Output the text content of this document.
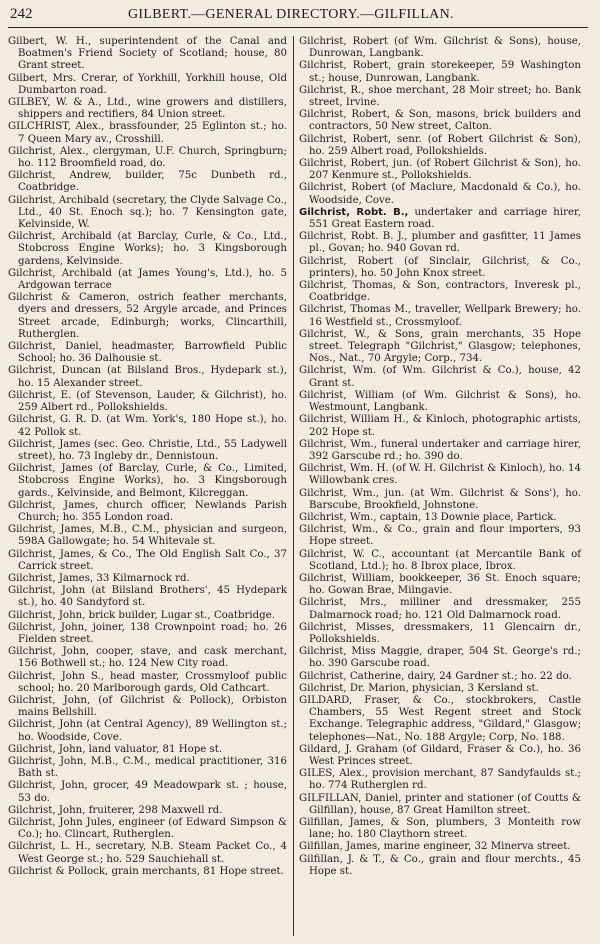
242	GILBERT.—GENERAL DIRECTORY.—GILFILLAN.

Gilbert, W. H., superintendent of the Canal and Boatmen's Friend Society of Scotland; house, 80 Grant street.

Gilbert, Mrs. Crerar, of Yorkhill, Yorkhill house, Old Dumbarton road.

GILBEY, W. & A., Ltd., wine growers and distillers, shippers and rectifiers, 84 Union street.

GILCHRIST, Alex., brassfounder, 25 Eglinton st.; ho. 7 Queen Mary av., Crosshill.

Gilchrist, Alex., clergyman, U.F. Church, Springburn; ho. 112 Broomfield road, do.

Gilchrist, Andrew, builder, 75c Dunbeth rd., Coatbridge.

Gilchrist, Archibald (secretary, the Clyde Salvage Co., Ltd., 40 St. Enoch sq.); ho. 7 Kensington gate, Kelvinside, W.

Gilchrist, Archibald (at Barclay, Curle, & Co., Ltd., Stobcross Engine Works); ho. 3 Kingsborough gardens, Kelvinside.

Gilchrist, Archibald (at James Young's, Ltd.), ho. 5 Ardgowan terrace

Gilchrist & Cameron, ostrich feather merchants, dyers and dressers, 52 Argyle arcade, and Princes Street arcade, Edinburgh; works, Clincarthill, Rutherglen.

Gilchrist, Daniel, headmaster, Barrowfield Public School; ho. 36 Dalhousie st.

Gilchrist, Duncan (at Bilsland Bros., Hydepark st.), ho. 15 Alexander street.

Gilchrist, E. (of Stevenson, Lauder, & Gilchrist), ho. 259 Albert rd., Pollokshields.

Gilchrist, G. R. D. (at Wm. York's, 180 Hope st.), ho. 42 Pollok st.

Gilchrist, James (sec. Geo. Christie, Ltd., 55 Ladywell street), ho. 73 Ingleby dr., Dennistoun.

Gilchrist, James (of Barclay, Curle, & Co., Limited, Stobcross Engine Works), ho. 3 Kingsborough gards., Kelvinside, and Belmont, Kilcreggan.

Gilchrist, James, church officer, Newlands Parish Church; ho. 355 London road.

Gilchrist, James, M.B., C.M., physician and surgeon, 598A Gallowgate; ho. 54 Whitevale st.

Gilchrist, James, & Co., The Old English Salt Co., 37 Carrick street.

Gilchrist, James, 33 Kilmarnock rd.

Gilchrist, John (at Bilsland Brothers', 45 Hydepark st.), ho. 40 Sandyford st.

Gilchrist, John, brick builder, Lugar st., Coatbridge.

Gilchrist, John, joiner, 138 Crownpoint road; ho. 26 Fielden street.

Gilchrist, John, cooper, stave, and cask merchant, 156 Bothwell st.; ho. 124 New City road.

Gilchrist, John S., head master, Crossmyloof public school; ho. 20 Marlborough gards, Old Cathcart.

Gilchrist, John, (of Gilchrist & Pollock), Orbiston mains Bellshill.

Gilchrist, John (at Central Agency), 89 Wellington st.; ho. Woodside, Cove.

Gilchrist, John, land valuator, 81 Hope st.

Gilchrist, John, M.B., C.M., medical practitioner, 316 Bath st.

Gilchrist, John, grocer, 49 Meadowpark st. ; house, 53 do.

Gilchrist, John, fruiterer, 298 Maxwell rd.

Gilchrist, John Jules, engineer (of Edward Simpson & Co.); ho. Clincart, Rutherglen.

Gilchrist, L. H., secretary, N.B. Steam Packet Co., 4 West George st.; ho. 529 Sauchiehall st.

Gilchrist & Pollock, grain merchants, 81 Hope street.

Gilchrist, Robert (of Wm. Gilchrist & Sons), house, Dunrowan, Langbank.

Gilchrist, Robert, grain storekeeper, 59 Washington st.; house, Dunrowan, Langbank.

Gilchrist, R., shoe merchant, 28 Moir street; ho. Bank street, Irvine.

Gilchrist, Robert, & Son, masons, brick builders and contractors, 50 New street, Calton.

Gilchrist, Robert, senr. (of Robert Gilchrist & Son), ho. 259 Albert road, Pollokshields.

Gilchrist, Robert, jun. (of Robert Gilchrist & Son), ho. 207 Kenmure st., Pollokshields.

Gilchrist, Robert (of Maclure, Macdonald & Co.), ho. Woodside, Cove.

Gilchrist, Robt. B., undertaker and carriage hirer, 551 Great Eastern road.

Gilchrist, Robt. B. J., plumber and gasfitter, 11 James pl., Govan; ho. 940 Govan rd.

Gilchrist, Robert (of Sinclair, Gilchrist, & Co., printers), ho. 50 John Knox street.

Gilchrist, Thomas, & Son, contractors, Inveresk pl., Coatbridge.

Gilchrist, Thomas M., traveller, Wellpark Brewery; ho. 16 Westfield st., Crossmyloof.

Gilchrist, W., & Sons, grain merchants, 35 Hope street. Telegraph "Gilchrist," Glasgow; telephones, Nos., Nat., 70 Argyle; Corp., 734.

Gilchrist, Wm. (of Wm. Gilchrist & Co.), house, 42 Grant st.

Gilchrist, William (of Wm. Gilchrist & Sons), ho. Westmount, Langbank.

Gilchrist, William H., & Kinloch, photographic artists, 202 Hope st.

Gilchrist, Wm., funeral undertaker and carriage hirer, 392 Garscube rd.; ho. 390 do.

Gilchrist, Wm. H. (of W. H. Gilchrist & Kinloch), ho. 14 Willowbank cres.

Gilchrist, Wm., jun. (at Wm. Gilchrist & Sons'), ho. Barscube, Brookfield, Johnstone.

Gilchrist, Wm., captain, 13 Downie place, Partick.

Gilchrist, Wm., & Co., grain and flour importers, 93 Hope street.

Gilchrist, W. C., accountant (at Mercantile Bank of Scotland, Ltd.); ho. 8 Ibrox place, Ibrox.

Gilchrist, William, bookkeeper, 36 St. Enoch square; ho. Gowan Brae, Milngavie.

Gilchrist, Mrs., milliner and dressmaker, 255 Dalmarnock road; ho. 121 Old Dalmarnock road.

Gilchrist, Misses, dressmakers, 11 Glencairn dr., Pollokshields.

Gilchrist, Miss Maggie, draper, 504 St. George's rd.; ho. 390 Garscube road.

Gilchrist, Catherine, dairy, 24 Gardner st.; ho. 22 do.

Gilchrist, Dr. Marion, physician, 3 Kersland st.

GILDARD, Fraser, & Co., stockbrokers, Castle Chambers, 55 West Regent street and Stock Exchange. Telegraphic address, "Gildard," Glasgow; telephones—Nat., No. 188 Argyle; Corp, No. 188.

Gildard, J. Graham (of Gildard, Fraser & Co.), ho. 36 West Princes street.

GILES, Alex., provision merchant, 87 Sandyfaulds st.; ho. 774 Rutherglen rd.

GILFILLAN, Daniel, printer and stationer (of Coutts & Gilfillan), house, 87 Great Hamilton street.

Gilfillan, James, & Son, plumbers, 3 Monteith row lane; ho. 180 Claythorn street.

Gilfillan, James, marine engineer, 32 Minerva street.

Gilfillan, J. & T., & Co., grain and flour merchts., 45 Hope st.
